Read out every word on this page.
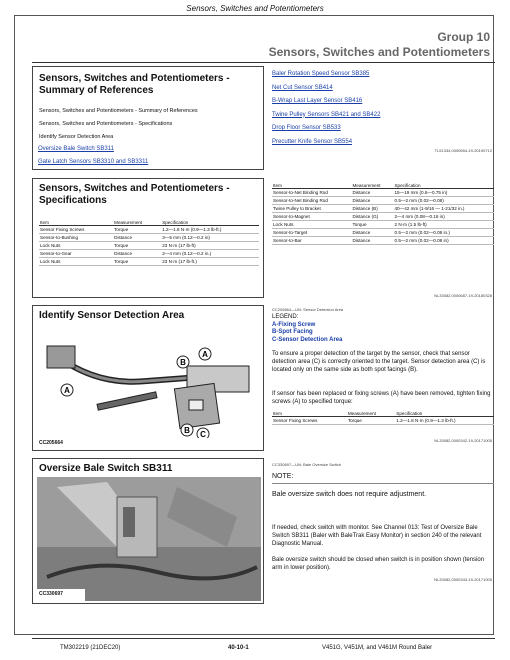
Sensors, Switches and Potentiometers
Group 10
Sensors, Switches and Potentiometers
Sensors, Switches and Potentiometers - Summary of References
Sensors, Switches and Potentiometers - Summary of References
Sensors, Switches and Potentiometers - Specifications
Identify Sensor Detection Area
Oversize Bale Switch SB311
Gate Latch Sensors SB3310 and SB3311
Baler Rotation Speed Sensor SB385
Net Cut Sensor SB414
B-Wrap Last Layer Sensor SB416
Twine Pulley Sensors SB421 and SB422
Drop Floor Sensor SB533
Precutter Knife Sensor SB554
TL51334,0000654-19-20190712
Sensors, Switches and Potentiometers - Specifications
Item	Measurement	Specification
Sensor Fixing Screws	Torque	1.2—1.8 N·m (0.9—1.3 lb-ft.)
Sensor-to-Bushing	Distance	3—5 mm (0.12—0.2 in)
Lock Nuts	Torque	23 N·m (17 lb-ft)
Sensor-to-Gear	Distance	2—4 mm (0.12—0.2 in.)
Lock Nuts	Torque	23 N·m (17 lb-ft.)
Item	Measurement	Specification
Sensor-to-Net Binding Rod	Distance	15—19 mm (0.6—0.75 in)
Sensor-to-Net Binding Rod	Distance	0.5—2 mm (0.02—0.08)
Twine Pulley to Bracket	Distance (B)	40—42 mm (1-9/16 — 1-21/32 in.)
Sensor-to-Magnet	Distance (G)	2—4 mm (0.08—0.16 in)
Lock Nuts	Torque	2 N·m (1.5 lb-ft)
Sensor-to-Target	Distance	0.5—2 mm (0.02—0.08 in.)
Sensor-to-Bar	Distance	0.5—2 mm (0.02—0.08 in)
NL33082,0000687-19-20180328
Identify Sensor Detection Area
B
A
A
B C
CC205664
CC205664—UN: Sensor Detection Area
LEGEND:
A-Fixing Screw
B-Spot Facing
C-Sensor Detection Area
To ensure a proper detection of the target by the sensor, check that sensor detection area (C) is correctly oriented to the target. Sensor detection area (C) is located only on the same side as both spot facings (B).
If sensor has been replaced or fixing screws (A) have been removed, tighten fixing screws (A) to specified torque:
Item	Measurement	Specification
Sensor Fixing Screws	Torque	1.2—1.8 N·m (0.9—1.3 lb-ft.)
NL33082,0000342-19-20171005
Oversize Bale Switch SB311
CC330697
CC330697—UN: Bale Oversize Switch
NOTE:
Bale oversize switch does not require adjustment.
If needed, check switch with monitor. See Channel 013: Test of Oversize Bale Switch SB311 (Baler with BaleTrak Easy Monitor) in section 240 of the relevant Diagnostic Manual.
Bale oversize switch should be closed when switch is in position shown (tension arm in lower position).
NL33082,0000343-19-20171005
TM302219 (21DEC20)	40-10-1	V451G, V451M, and V461M Round Baler
